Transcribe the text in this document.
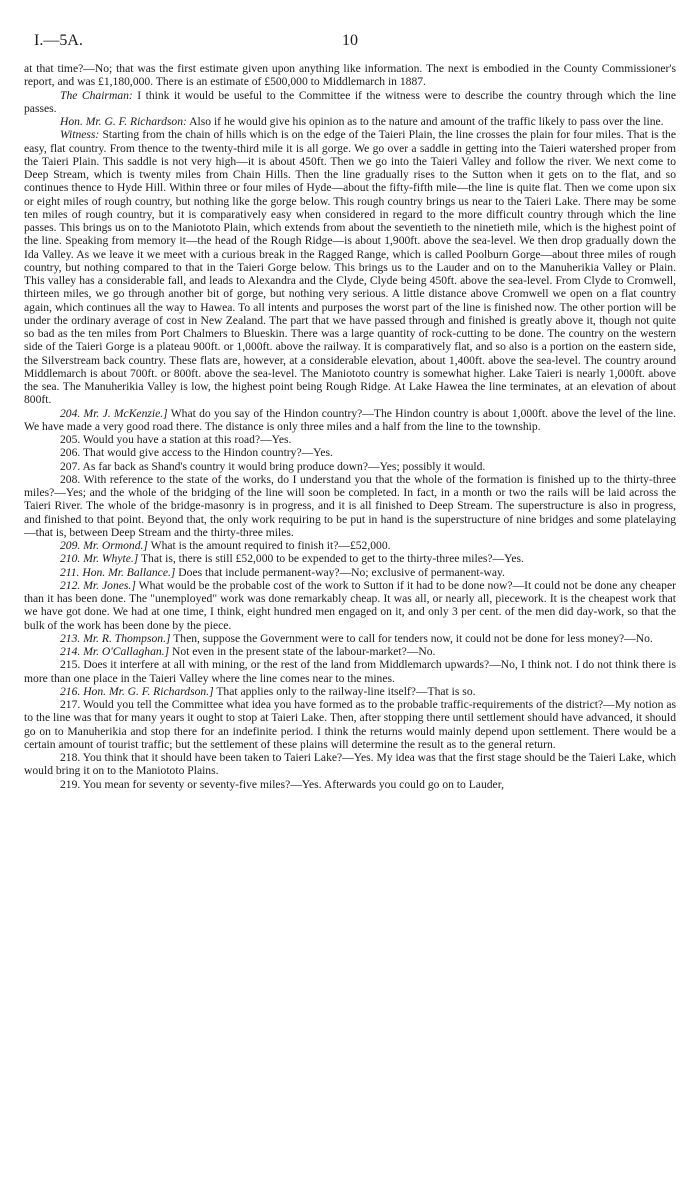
I.—5A.	10

at that time?—No; that was the first estimate given upon anything like information. The next is embodied in the County Commissioner's report, and was £1,180,000. There is an estimate of £500,000 to Middlemarch in 1887.

The Chairman: I think it would be useful to the Committee if the witness were to describe the country through which the line passes.

Hon. Mr. G. F. Richardson: Also if he would give his opinion as to the nature and amount of the traffic likely to pass over the line.

Witness: Starting from the chain of hills which is on the edge of the Taieri Plain, the line crosses the plain for four miles. That is the easy, flat country. From thence to the twenty-third mile it is all gorge. We go over a saddle in getting into the Taieri watershed proper from the Taieri Plain. This saddle is not very high—it is about 450ft. Then we go into the Taieri Valley and follow the river. We next come to Deep Stream, which is twenty miles from Chain Hills. Then the line gradually rises to the Sutton when it gets on to the flat, and so continues thence to Hyde Hill. Within three or four miles of Hyde—about the fifty-fifth mile—the line is quite flat. Then we come upon six or eight miles of rough country, but nothing like the gorge below. This rough country brings us near to the Taieri Lake. There may be some ten miles of rough country, but it is comparatively easy when considered in regard to the more difficult country through which the line passes. This brings us on to the Maniototo Plain, which extends from about the seventieth to the ninetieth mile, which is the highest point of the line. Speaking from memory it—the head of the Rough Ridge—is about 1,900ft. above the sea-level. We then drop gradually down the Ida Valley. As we leave it we meet with a curious break in the Ragged Range, which is called Poolburn Gorge—about three miles of rough country, but nothing compared to that in the Taieri Gorge below. This brings us to the Lauder and on to the Manuherikia Valley or Plain. This valley has a considerable fall, and leads to Alexandra and the Clyde, Clyde being 450ft. above the sea-level. From Clyde to Cromwell, thirteen miles, we go through another bit of gorge, but nothing very serious. A little distance above Cromwell we open on a flat country again, which continues all the way to Hawea. To all intents and purposes the worst part of the line is finished now. The other portion will be under the ordinary average of cost in New Zealand. The part that we have passed through and finished is greatly above it, though not quite so bad as the ten miles from Port Chalmers to Blueskin. There was a large quantity of rock-cutting to be done. The country on the western side of the Taieri Gorge is a plateau 900ft. or 1,000ft. above the railway. It is comparatively flat, and so also is a portion on the eastern side, the Silverstream back country. These flats are, however, at a considerable elevation, about 1,400ft. above the sea-level. The country around Middlemarch is about 700ft. or 800ft. above the sea-level. The Maniototo country is somewhat higher. Lake Taieri is nearly 1,000ft. above the sea. The Manuherikia Valley is low, the highest point being Rough Ridge. At Lake Hawea the line terminates, at an elevation of about 800ft.

204. Mr. J. McKenzie.] What do you say of the Hindon country?—The Hindon country is about 1,000ft. above the level of the line. We have made a very good road there. The distance is only three miles and a half from the line to the township.

205. Would you have a station at this road?—Yes.

206. That would give access to the Hindon country?—Yes.

207. As far back as Shand's country it would bring produce down?—Yes; possibly it would.

208. With reference to the state of the works, do I understand you that the whole of the formation is finished up to the thirty-three miles?—Yes; and the whole of the bridging of the line will soon be completed. In fact, in a month or two the rails will be laid across the Taieri River. The whole of the bridge-masonry is in progress, and it is all finished to Deep Stream. The superstructure is also in progress, and finished to that point. Beyond that, the only work requiring to be put in hand is the superstructure of nine bridges and some platelaying—that is, between Deep Stream and the thirty-three miles.

209. Mr. Ormond.] What is the amount required to finish it?—£52,000.

210. Mr. Whyte.] That is, there is still £52,000 to be expended to get to the thirty-three miles?—Yes.

211. Hon. Mr. Ballance.] Does that include permanent-way?—No; exclusive of permanent-way.

212. Mr. Jones.] What would be the probable cost of the work to Sutton if it had to be done now?—It could not be done any cheaper than it has been done. The "unemployed" work was done remarkably cheap. It was all, or nearly all, piecework. It is the cheapest work that we have got done. We had at one time, I think, eight hundred men engaged on it, and only 3 per cent. of the men did day-work, so that the bulk of the work has been done by the piece.

213. Mr. R. Thompson.] Then, suppose the Government were to call for tenders now, it could not be done for less money?—No.

214. Mr. O'Callaghan.] Not even in the present state of the labour-market?—No.

215. Does it interfere at all with mining, or the rest of the land from Middlemarch upwards?—No, I think not. I do not think there is more than one place in the Taieri Valley where the line comes near to the mines.

216. Hon. Mr. G. F. Richardson.] That applies only to the railway-line itself?—That is so.

217. Would you tell the Committee what idea you have formed as to the probable traffic-requirements of the district?—My notion as to the line was that for many years it ought to stop at Taieri Lake. Then, after stopping there until settlement should have advanced, it should go on to Manuherikia and stop there for an indefinite period. I think the returns would mainly depend upon settlement. There would be a certain amount of tourist traffic; but the settlement of these plains will determine the result as to the general return.

218. You think that it should have been taken to Taieri Lake?—Yes. My idea was that the first stage should be the Taieri Lake, which would bring it on to the Maniototo Plains.

219. You mean for seventy or seventy-five miles?—Yes. Afterwards you could go on to Lauder,
